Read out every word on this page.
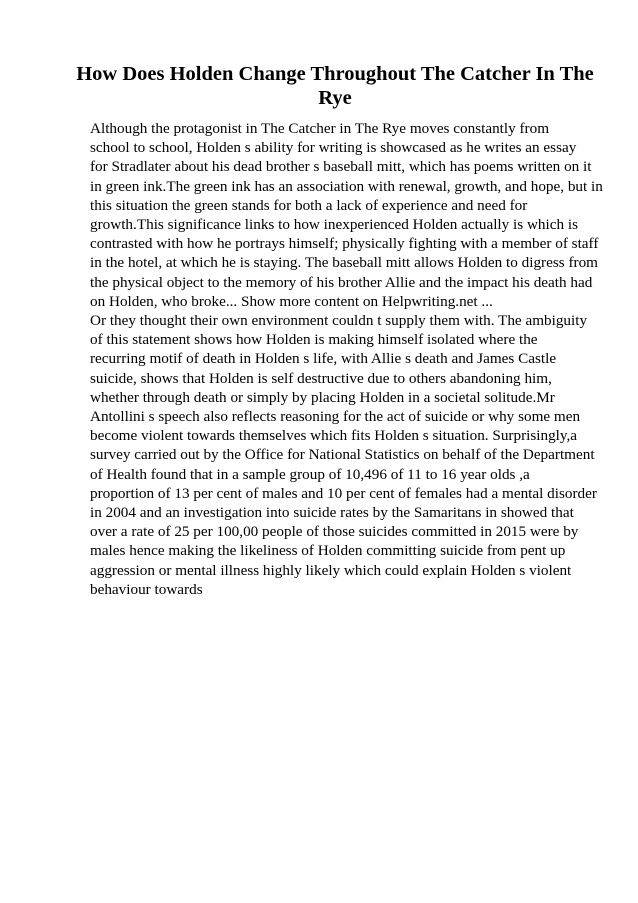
How Does Holden Change Throughout The Catcher In The Rye
Although the protagonist in The Catcher in The Rye moves constantly from
school to school, Holden s ability for writing is showcased as he writes an essay
for Stradlater about his dead brother s baseball mitt, which has poems written on it
in green ink.The green ink has an association with renewal, growth, and hope, but in
this situation the green stands for both a lack of experience and need for
growth.This significance links to how inexperienced Holden actually is which is
contrasted with how he portrays himself; physically fighting with a member of staff
in the hotel, at which he is staying. The baseball mitt allows Holden to digress from
the physical object to the memory of his brother Allie and the impact his death had
on Holden, who broke... Show more content on Helpwriting.net ...
Or they thought their own environment couldn t supply them with. The ambiguity
of this statement shows how Holden is making himself isolated where the
recurring motif of death in Holden s life, with Allie s death and James Castle
suicide, shows that Holden is self destructive due to others abandoning him,
whether through death or simply by placing Holden in a societal solitude.Mr
Antollini s speech also reflects reasoning for the act of suicide or why some men
become violent towards themselves which fits Holden s situation. Surprisingly,a
survey carried out by the Office for National Statistics on behalf of the Department
of Health found that in a sample group of 10,496 of 11 to 16 year olds ,a
proportion of 13 per cent of males and 10 per cent of females had a mental disorder
in 2004 and an investigation into suicide rates by the Samaritans in showed that
over a rate of 25 per 100,00 people of those suicides committed in 2015 were by
males hence making the likeliness of Holden committing suicide from pent up
aggression or mental illness highly likely which could explain Holden s violent
behaviour towards
